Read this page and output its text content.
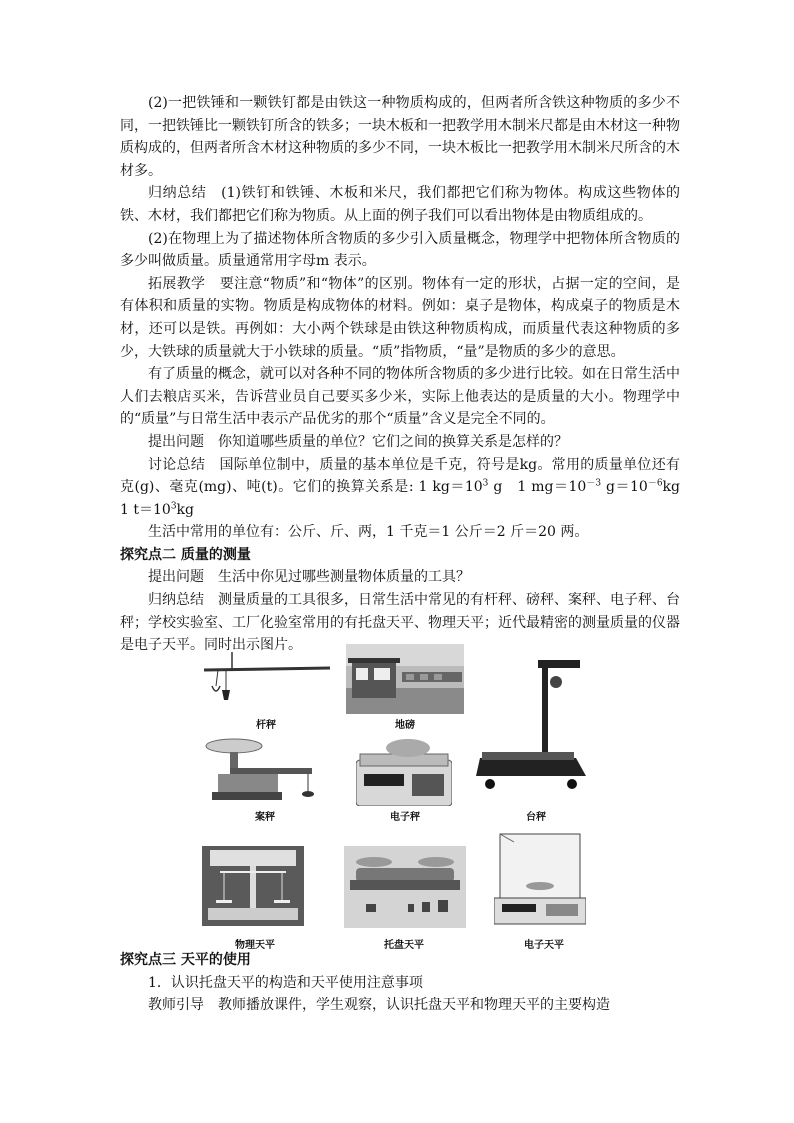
(2)一把铁锤和一颗铁钉都是由铁这一种物质构成的，但两者所含铁这种物质的多少不同，一把铁锤比一颗铁钉所含的铁多；一块木板和一把教学用木制米尺都是由木材这一种物质构成的，但两者所含木材这种物质的多少不同，一块木板比一把教学用木制米尺所含的木材多。

归纳总结　(1)铁钉和铁锤、木板和米尺，我们都把它们称为物体。构成这些物体的铁、木材，我们都把它们称为物质。从上面的例子我们可以看出物体是由物质组成的。

(2)在物理上为了描述物体所含物质的多少引入质量概念，物理学中把物体所含物质的多少叫做质量。质量通常用字母m 表示。

拓展教学　要注意“物质”和“物体”的区别。物体有一定的形状，占据一定的空间，是有体积和质量的实物。物质是构成物体的材料。例如：桌子是物体，构成桌子的物质是木材，还可以是铁。再例如：大小两个铁球是由铁这种物质构成，而质量代表这种物质的多少，大铁球的质量就大于小铁球的质量。“质”指物质，“量”是物质的多少的意思。

有了质量的概念，就可以对各种不同的物体所含物质的多少进行比较。如在日常生活中人们去粮店买米，告诉营业员自己要买多少米，实际上他表达的是质量的大小。物理学中的“质量”与日常生活中表示产品优劣的那个“质量”含义是完全不同的。

提出问题　你知道哪些质量的单位？它们之间的换算关系是怎样的？

讨论总结　国际单位制中，质量的基本单位是千克，符号是kg。常用的质量单位还有克(g)、毫克(mg)、吨(t)。它们的换算关系是: 1 $kg=10^3$ g　1 $mg=10^{-3}$ $g=10^{-6}kg$　1 $t=10^3kg$

生活中常用的单位有：公斤、斤、两，1 千克＝1 公斤＝2 斤＝20 两。

探究点二 质量的测量

提出问题　生活中你见过哪些测量物体质量的工具？

归纳总结　测量质量的工具很多，日常生活中常见的有杆秤、磅秤、案秤、电子秤、台秤；学校实验室、工厂化验室常用的有托盘天平、物理天平；近代最精密的测量质量的仪器是电子天平。同时出示图片。

杆秤	地磅
案秤	电子秤	台秤
物理天平	托盘天平	电子天平

探究点三 天平的使用

1．认识托盘天平的构造和天平使用注意事项

教师引导　教师播放课件，学生观察，认识托盘天平和物理天平的主要构造
